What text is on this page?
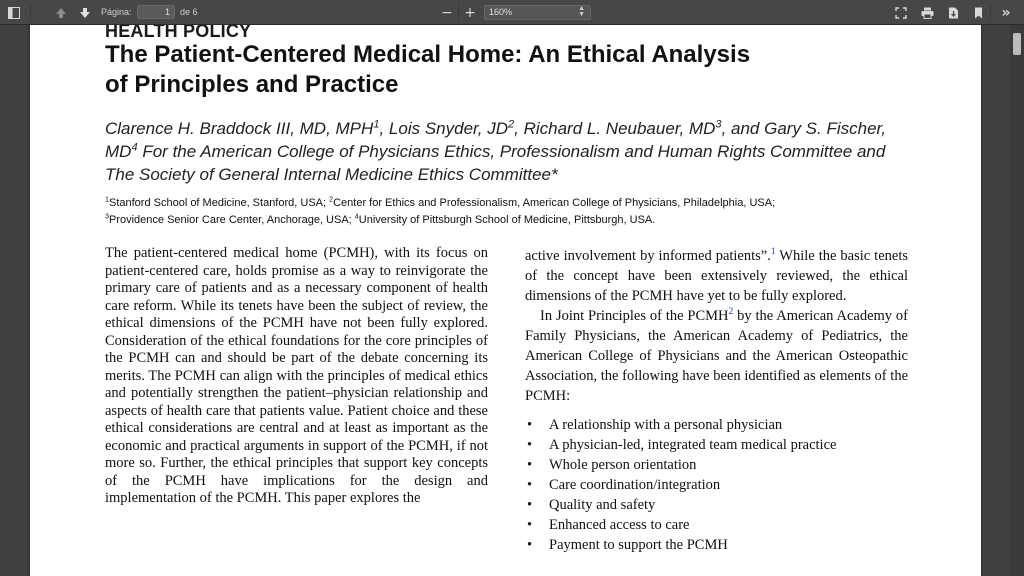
Página:	1	de 6	− +	160%	▲
▼	»
HEALTH POLICY
The Patient-Centered Medical Home: An Ethical Analysis
of Principles and Practice
Clarence H. Braddock III, MD, MPH$^1$, Lois Snyder, $JD^2$, Richard L. Neubauer, $MD^3$, and Gary S. Fischer, $MD^4$ For the American College of Physicians Ethics, Professionalism and Human Rights Committee and The Society of General Internal Medicine Ethics Committee*
$^1$Stanford School of Medicine, Stanford, USA; $^2$Center for Ethics and Professionalism, American College of Physicians, Philadelphia, USA;
$^3$Providence Senior Care Center, Anchorage, USA; $^4$University of Pittsburgh School of Medicine, Pittsburgh, USA.
The patient-centered medical home (PCMH), with its focus on patient-centered care, holds promise as a way to reinvigorate the primary care of patients and as a necessary component of health care reform. While its tenets have been the subject of review, the ethical dimensions of the PCMH have not been fully explored. Consideration of the ethical foundations for the core principles of the PCMH can and should be part of the debate concerning its merits. The PCMH can align with the principles of medical ethics and potentially strengthen the patient–physician relationship and aspects of health care that patients value. Patient choice and these ethical considerations are central and at least as important as the economic and practical arguments in support of the PCMH, if not more so. Further, the ethical principles that support key concepts of the PCMH have implications for the design and implementation of the PCMH. This paper explores the

active involvement by informed patients”.$^1$ While the basic tenets of the concept have been extensively reviewed, the ethical dimensions of the PCMH have yet to be fully explored.

In Joint Principles of the PCMH$^2$ by the American Academy of Family Physicians, the American Academy of Pediatrics, the American College of Physicians and the American Osteopathic Association, the following have been identified as elements of the PCMH:

• A relationship with a personal physician
• A physician-led, integrated team medical practice
• Whole person orientation
• Care coordination/integration
• Quality and safety
• Enhanced access to care
• Payment to support the PCMH
